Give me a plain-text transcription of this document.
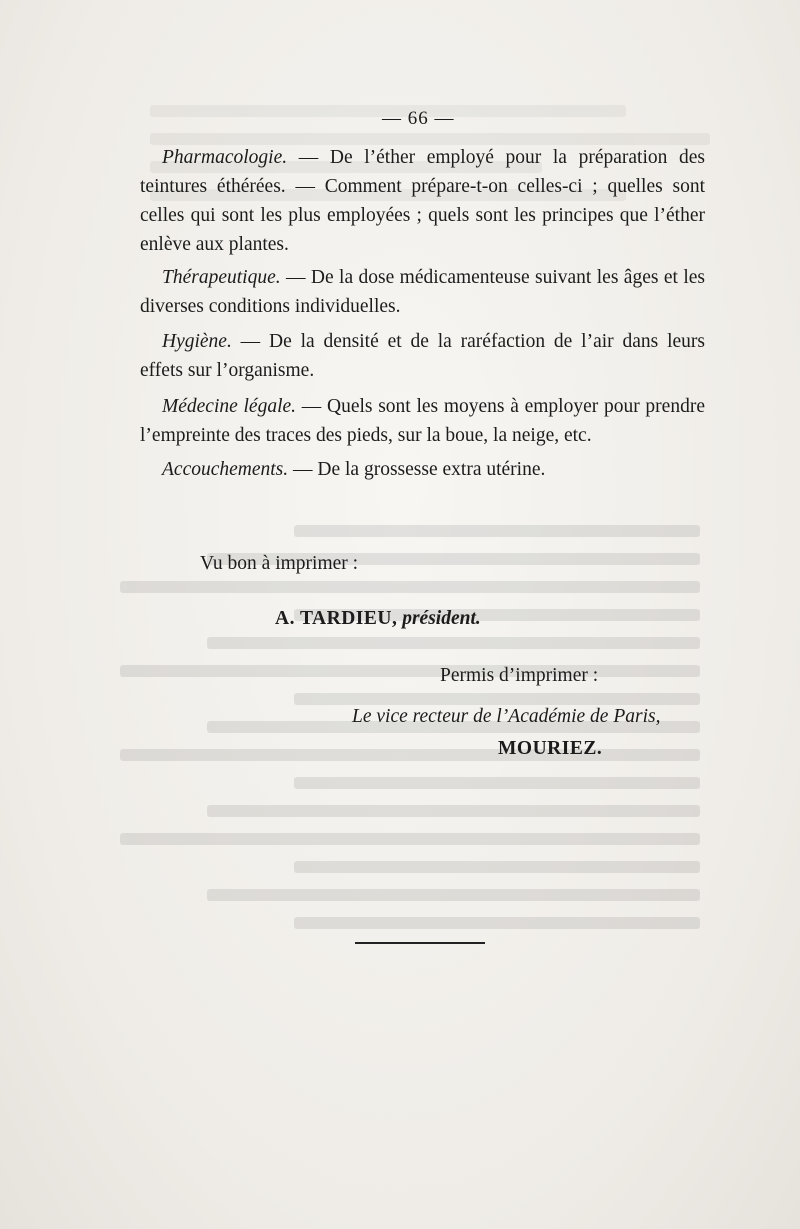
— 66 —

Pharmacologie. — De l’éther employé pour la préparation des teintures éthérées. — Comment prépare-t-on celles-ci ; quelles sont celles qui sont les plus employées ; quels sont les principes que l’éther enlève aux plantes.

Thérapeutique. — De la dose médicamenteuse suivant les âges et les diverses conditions individuelles.

Hygiène. — De la densité et de la raréfaction de l’air dans leurs effets sur l’organisme.

Médecine légale. — Quels sont les moyens à employer pour prendre l’empreinte des traces des pieds, sur la boue, la neige, etc.

Accouchements. — De la grossesse extra utérine.

Vu bon à imprimer :
A. TARDIEU, président.
Permis d’imprimer :
Le vice recteur de l’Académie de Paris,
MOURIEZ.
